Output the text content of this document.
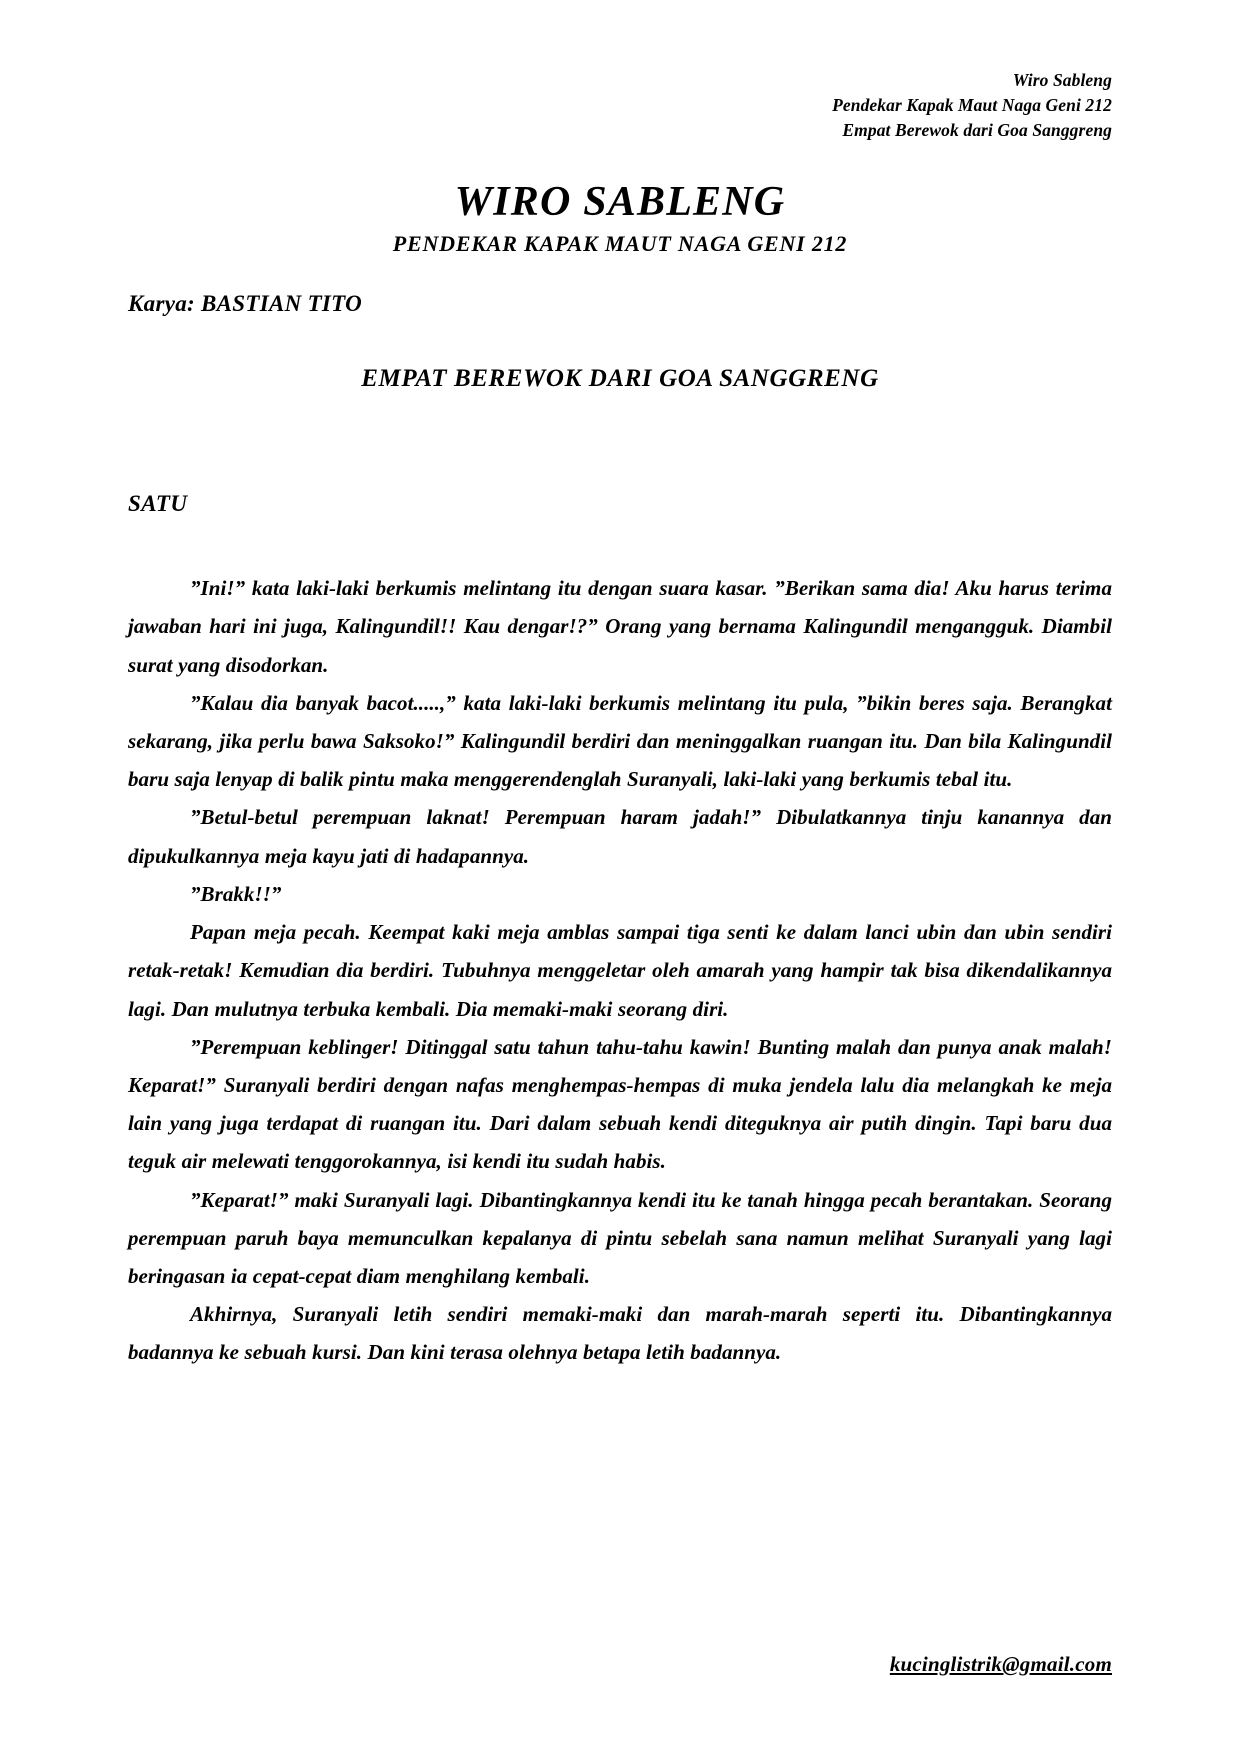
Wiro Sableng
Pendekar Kapak Maut Naga Geni 212
Empat Berewok dari Goa Sanggreng
WIRO SABLENG
PENDEKAR KAPAK MAUT NAGA GENI 212
Karya: BASTIAN TITO
EMPAT BEREWOK DARI GOA SANGGRENG
SATU

”Ini!” kata laki-laki berkumis melintang itu dengan suara kasar. ”Berikan sama dia! Aku harus terima jawaban hari ini juga, Kalingundil!! Kau dengar!?” Orang yang bernama Kalingundil mengangguk. Diambil surat yang disodorkan.

”Kalau dia banyak bacot.....,” kata laki-laki berkumis melintang itu pula, ”bikin beres saja. Berangkat sekarang, jika perlu bawa Saksoko!” Kalingundil berdiri dan meninggalkan ruangan itu. Dan bila Kalingundil baru saja lenyap di balik pintu maka menggerendenglah Suranyali, laki-laki yang berkumis tebal itu.

”Betul-betul perempuan laknat! Perempuan haram jadah!” Dibulatkannya tinju kanannya dan dipukulkannya meja kayu jati di hadapannya.

”Brakk!!”

Papan meja pecah. Keempat kaki meja amblas sampai tiga senti ke dalam lanci ubin dan ubin sendiri retak-retak! Kemudian dia berdiri. Tubuhnya menggeletar oleh amarah yang hampir tak bisa dikendalikannya lagi. Dan mulutnya terbuka kembali. Dia memaki-maki seorang diri.

”Perempuan keblinger! Ditinggal satu tahun tahu-tahu kawin! Bunting malah dan punya anak malah! Keparat!” Suranyali berdiri dengan nafas menghempas-hempas di muka jendela lalu dia melangkah ke meja lain yang juga terdapat di ruangan itu. Dari dalam sebuah kendi diteguknya air putih dingin. Tapi baru dua teguk air melewati tenggorokannya, isi kendi itu sudah habis.

”Keparat!” maki Suranyali lagi. Dibantingkannya kendi itu ke tanah hingga pecah berantakan. Seorang perempuan paruh baya memunculkan kepalanya di pintu sebelah sana namun melihat Suranyali yang lagi beringasan ia cepat-cepat diam menghilang kembali.

Akhirnya, Suranyali letih sendiri memaki-maki dan marah-marah seperti itu. Dibantingkannya badannya ke sebuah kursi. Dan kini terasa olehnya betapa letih badannya.

kucinglistrik@gmail.com
